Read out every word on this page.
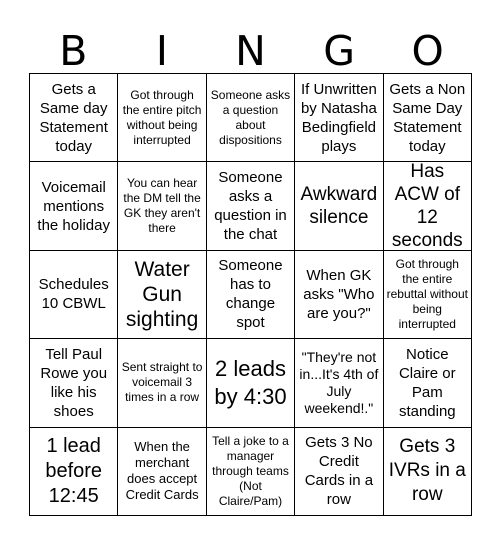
B	I	N	G	O
Gets a Same day Statement today
Got through the entire pitch without being interrupted
Someone asks a question about dispositions
If Unwritten by Natasha Bedingfield plays
Gets a Non Same Day Statement today
Voicemail mentions the holiday
You can hear the DM tell the GK they aren't there
Someone asks a question in the chat
Awkward silence
Has ACW of 12 seconds
Schedules 10 CBWL
Water Gun sighting
Someone has to change spot
When GK asks "Who are you?"
Got through the entire rebuttal without being interrupted
Tell Paul Rowe you like his shoes
Sent straight to voicemail 3 times in a row
2 leads by 4:30
"They're not in...It's 4th of July weekend!."
Notice Claire or Pam standing
1 lead before 12:45
When the merchant does accept Credit Cards
Tell a joke to a manager through teams (Not Claire/Pam)
Gets 3 No Credit Cards in a row
Gets 3 IVRs in a row
